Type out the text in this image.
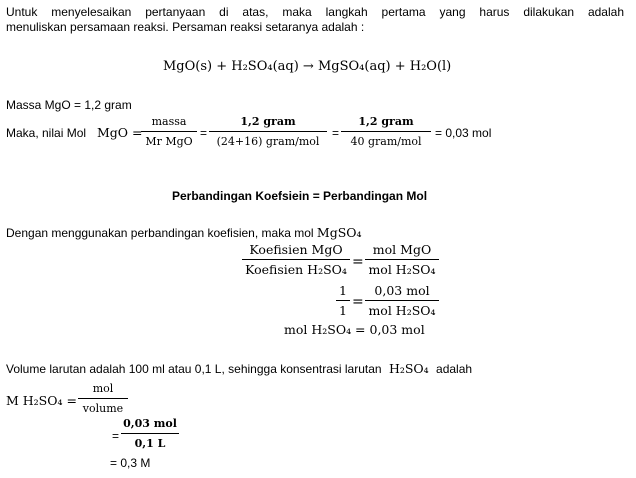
Untuk menyelesaikan pertanyaan di atas, maka langkah pertama yang harus dilakukan adalah
menuliskan persamaan reaksi. Persaman reaksi setaranya adalah :
MgO(s) + H₂SO₄(aq) → MgSO₄(aq) + H₂O(l)
Massa MgO = 1,2 gram
Maka, nilai Mol MgO =
massa
Mr MgO
=
1,2 gram
(24+16) gram/mol
=
1,2 gram
40 gram/mol
= 0,03 mol
Perbandingan Koefsiein = Perbandingan Mol
Dengan menggunakan perbandingan koefisien, maka mol MgSO₄
Koefisien MgO
Koefisien H₂SO₄ =
mol MgO
mol H₂SO₄
1
1
=
0,03 mol
mol H₂SO₄
mol H₂SO₄ = 0,03 mol
Volume larutan adalah 100 ml atau 0,1 L, sehingga konsentrasi larutan H₂SO₄ adalah
M H₂SO₄ =
mol
volume
=
0,03 mol
0,1 L
= 0,3 M
